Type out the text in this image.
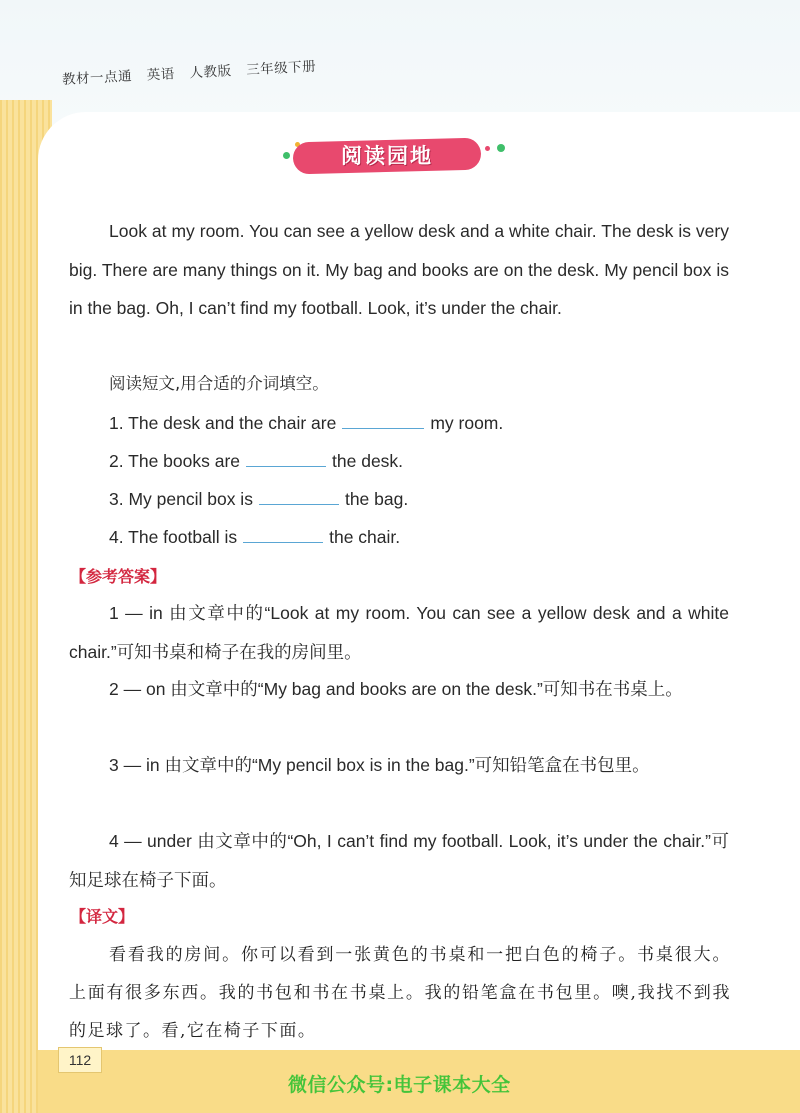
教材一点通 英语 人教版 三年级下册
阅读园地
Look at my room. You can see a yellow desk and a white chair. The desk is very big. There are many things on it. My bag and books are on the desk. My pencil box is in the bag. Oh, I can’t find my football. Look, it’s under the chair.
阅读短文,用合适的介词填空。
1. The desk and the chair are	my room.
2. The books are	the desk.
3. My pencil box is	the bag.
4. The football is	the chair.
【参考答案】
1 — in 由文章中的“Look at my room. You can see a yellow desk and a white chair.”可知书桌和椅子在我的房间里。
2 — on 由文章中的“My bag and books are on the desk.”可知书在书桌上。
3 — in 由文章中的“My pencil box is in the bag.”可知铅笔盒在书包里。
4 — under 由文章中的“Oh, I can’t find my football. Look, it’s under the chair.”可知足球在椅子下面。
【译文】
看看我的房间。你可以看到一张黄色的书桌和一把白色的椅子。书桌很大。上面有很多东西。我的书包和书在书桌上。我的铅笔盒在书包里。噢,我找不到我的足球了。看,它在椅子下面。
112
微信公众号:电子课本大全
